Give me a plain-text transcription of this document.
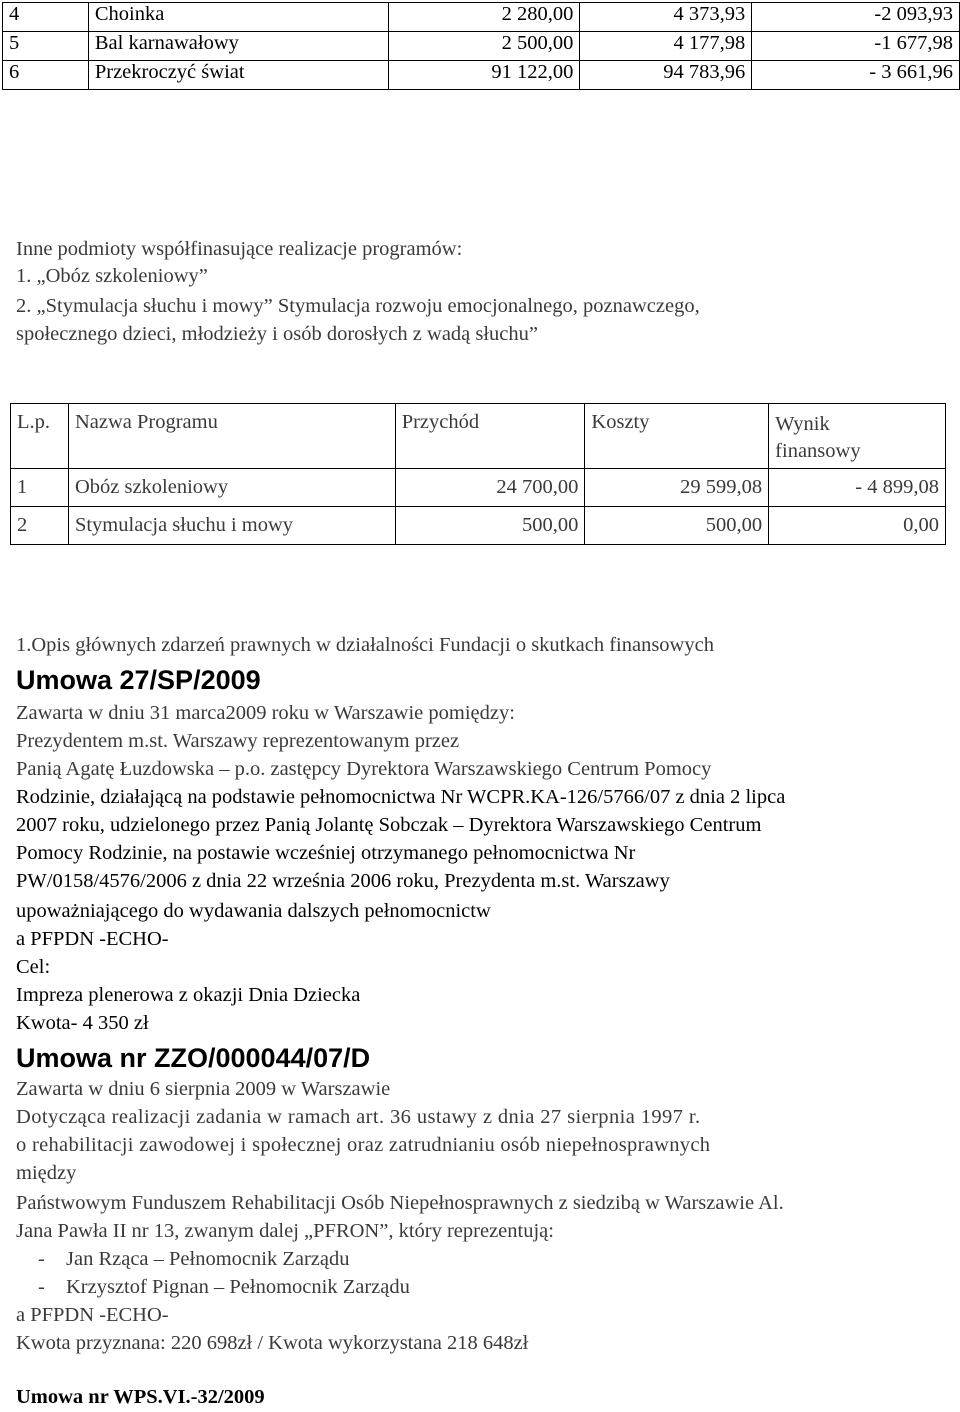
4	Choinka	2 280,00	4 373,93	-2 093,93
5	Bal karnawałowy	2 500,00	4 177,98	-1 677,98
6	Przekroczyć świat	91 122,00	94 783,96	- 3 661,96
Inne podmioty współfinasujące realizacje programów:
1. „Obóz szkoleniowy”
2. „Stymulacja słuchu i mowy” Stymulacja rozwoju emocjonalnego, poznawczego,
społecznego dzieci, młodzieży i osób dorosłych z wadą słuchu”
L.p.	Nazwa Programu	Przychód	Koszty	Wynik
finansowy

1	Obóz szkoleniowy	24 700,00	29 599,08	- 4 899,08
2	Stymulacja słuchu i mowy	500,00	500,00	0,00
1.Opis głównych zdarzeń prawnych w działalności Fundacji o skutkach finansowych
Umowa 27/SP/2009
Zawarta w dniu 31 marca2009 roku w Warszawie pomiędzy:
Prezydentem m.st. Warszawy reprezentowanym przez
Panią Agatę Łuzdowska – p.o. zastępcy Dyrektora Warszawskiego Centrum Pomocy
Rodzinie, działającą na podstawie pełnomocnictwa Nr WCPR.KA-126/5766/07 z dnia 2 lipca
2007 roku, udzielonego przez Panią Jolantę Sobczak – Dyrektora Warszawskiego Centrum
Pomocy Rodzinie, na postawie wcześniej otrzymanego pełnomocnictwa Nr
PW/0158/4576/2006 z dnia 22 września 2006 roku, Prezydenta m.st. Warszawy
upoważniającego do wydawania dalszych pełnomocnictw
a PFPDN -ECHO-
Cel:
Impreza plenerowa z okazji Dnia Dziecka
Kwota- 4 350 zł
Umowa nr ZZO/000044/07/D
Zawarta w dniu 6 sierpnia 2009 w Warszawie
Dotycząca realizacji zadania w ramach art. 36 ustawy z dnia 27 sierpnia 1997 r.
o rehabilitacji zawodowej i społecznej oraz zatrudnianiu osób niepełnosprawnych
między
Państwowym Funduszem Rehabilitacji Osób Niepełnosprawnych z siedzibą w Warszawie Al.
Jana Pawła II nr 13, zwanym dalej „PFRON”, który reprezentują:
- Jan Rząca – Pełnomocnik Zarządu
- Krzysztof Pignan – Pełnomocnik Zarządu
a PFPDN -ECHO-
Kwota przyznana: 220 698zł / Kwota wykorzystana 218 648zł
Umowa nr WPS.VI.-32/2009
